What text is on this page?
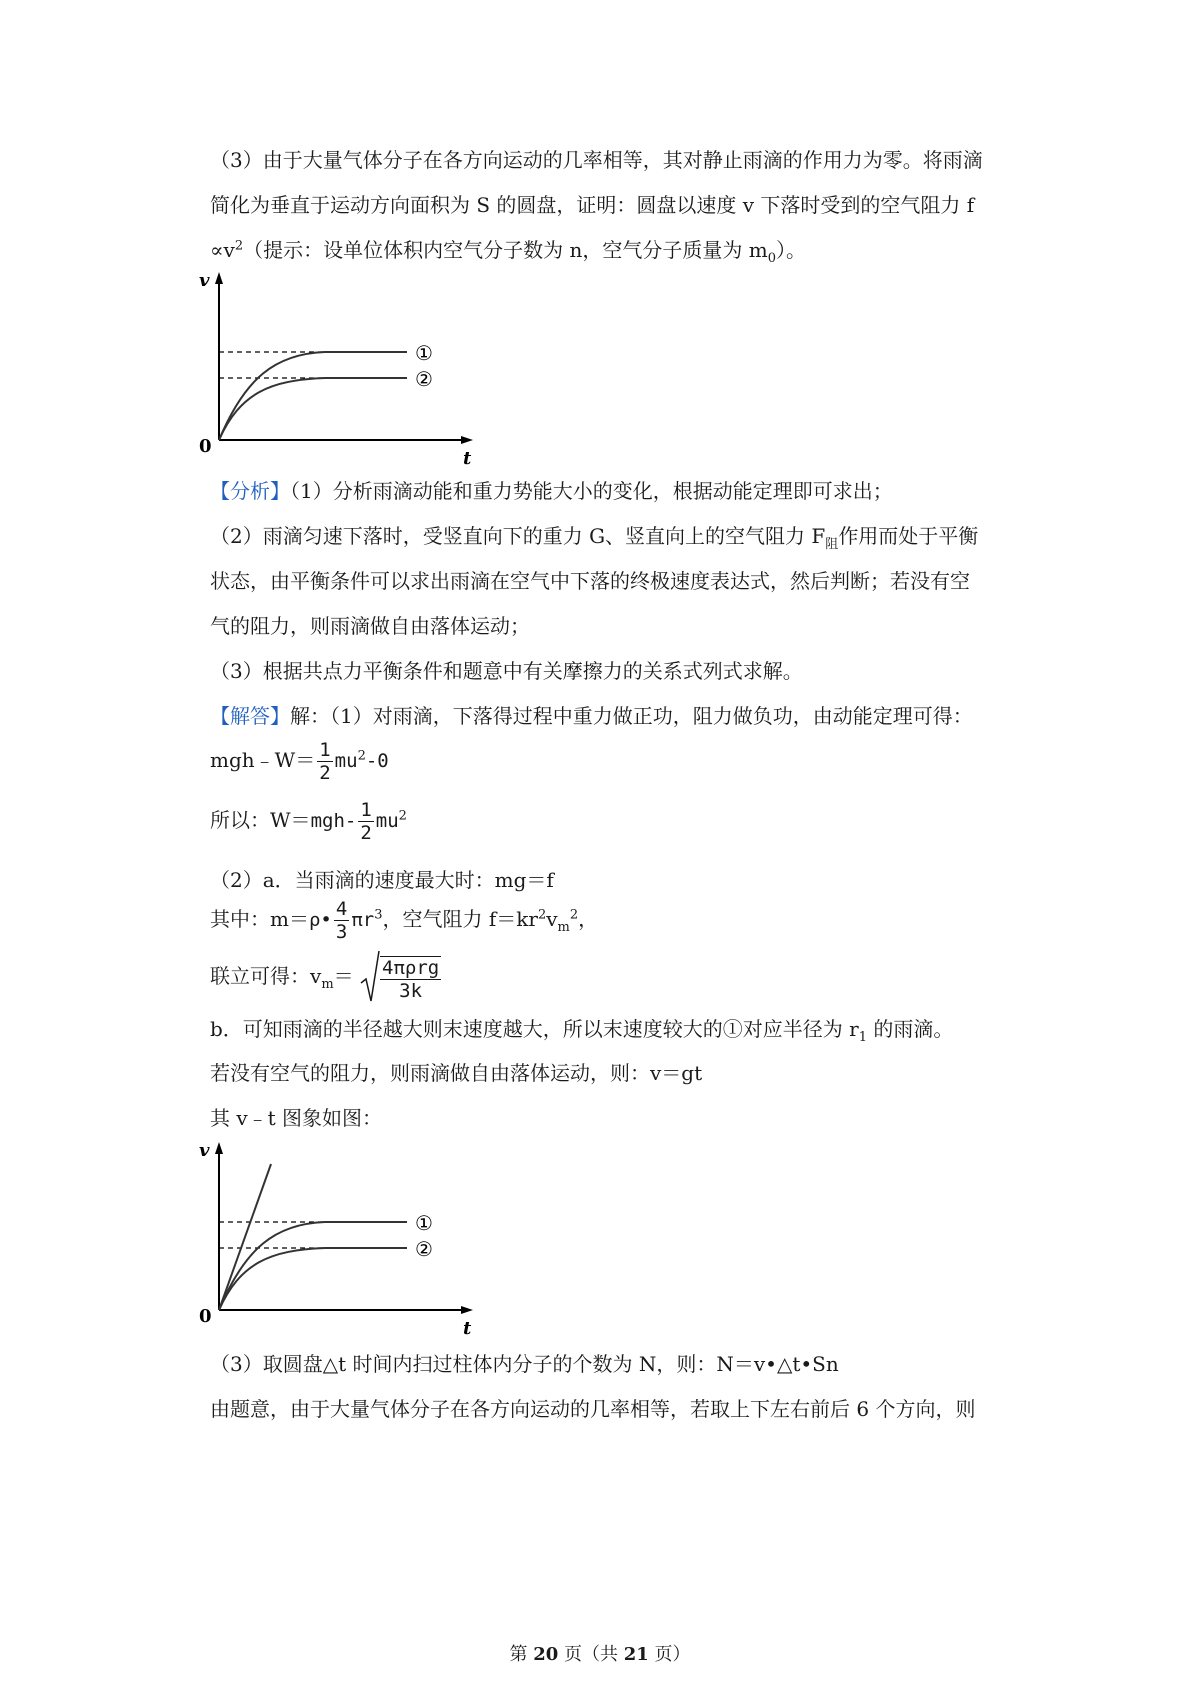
（3）由于大量气体分子在各方向运动的几率相等，其对静止雨滴的作用力为零。将雨滴
简化为垂直于运动方向面积为 S 的圆盘，证明：圆盘以速度 v 下落时受到的空气阻力 f
$\propto v^2$（提示：设单位体积内空气分子数为 n，空气分子质量为 $m_0$）。
v
t
0
①
②
【分析】（1）分析雨滴动能和重力势能大小的变化，根据动能定理即可求出；
（2）雨滴匀速下落时，受竖直向下的重力 G、竖直向上的空气阻力 $F_阻$作用而处于平衡
状态，由平衡条件可以求出雨滴在空气中下落的终极速度表达式，然后判断；若没有空
气的阻力，则雨滴做自由落体运动；
（3）根据共点力平衡条件和题意中有关摩擦力的关系式列式求解。
【解答】解：（1）对雨滴，下落得过程中重力做正功，阻力做负功，由动能定理可得：
mgh﹣W＝ $\frac{1}{2} mu^2-0$
所以：$W=mgh- \frac{1}{2} mu^2$
（2）a．当雨滴的速度最大时：mg＝f
其中：m＝ρ• $\frac{4}{3} \pi r^3$，空气阻力 $f=kr^2v_m^2$，
联立可得：$v_m= \frac{\text{4πρrg}}{3k}$
b．可知雨滴的半径越大则末速度越大，所以末速度较大的①对应半径为 $r_1$ 的雨滴。
若没有空气的阻力，则雨滴做自由落体运动，则：v＝gt
其 v﹣t 图象如图：
v
t
0
①
②
（3）取圆盘△t 时间内扫过柱体内分子的个数为 N，则：N＝v•△t•Sn
由题意，由于大量气体分子在各方向运动的几率相等，若取上下左右前后 6 个方向，则
第 20 页（共 21 页）
